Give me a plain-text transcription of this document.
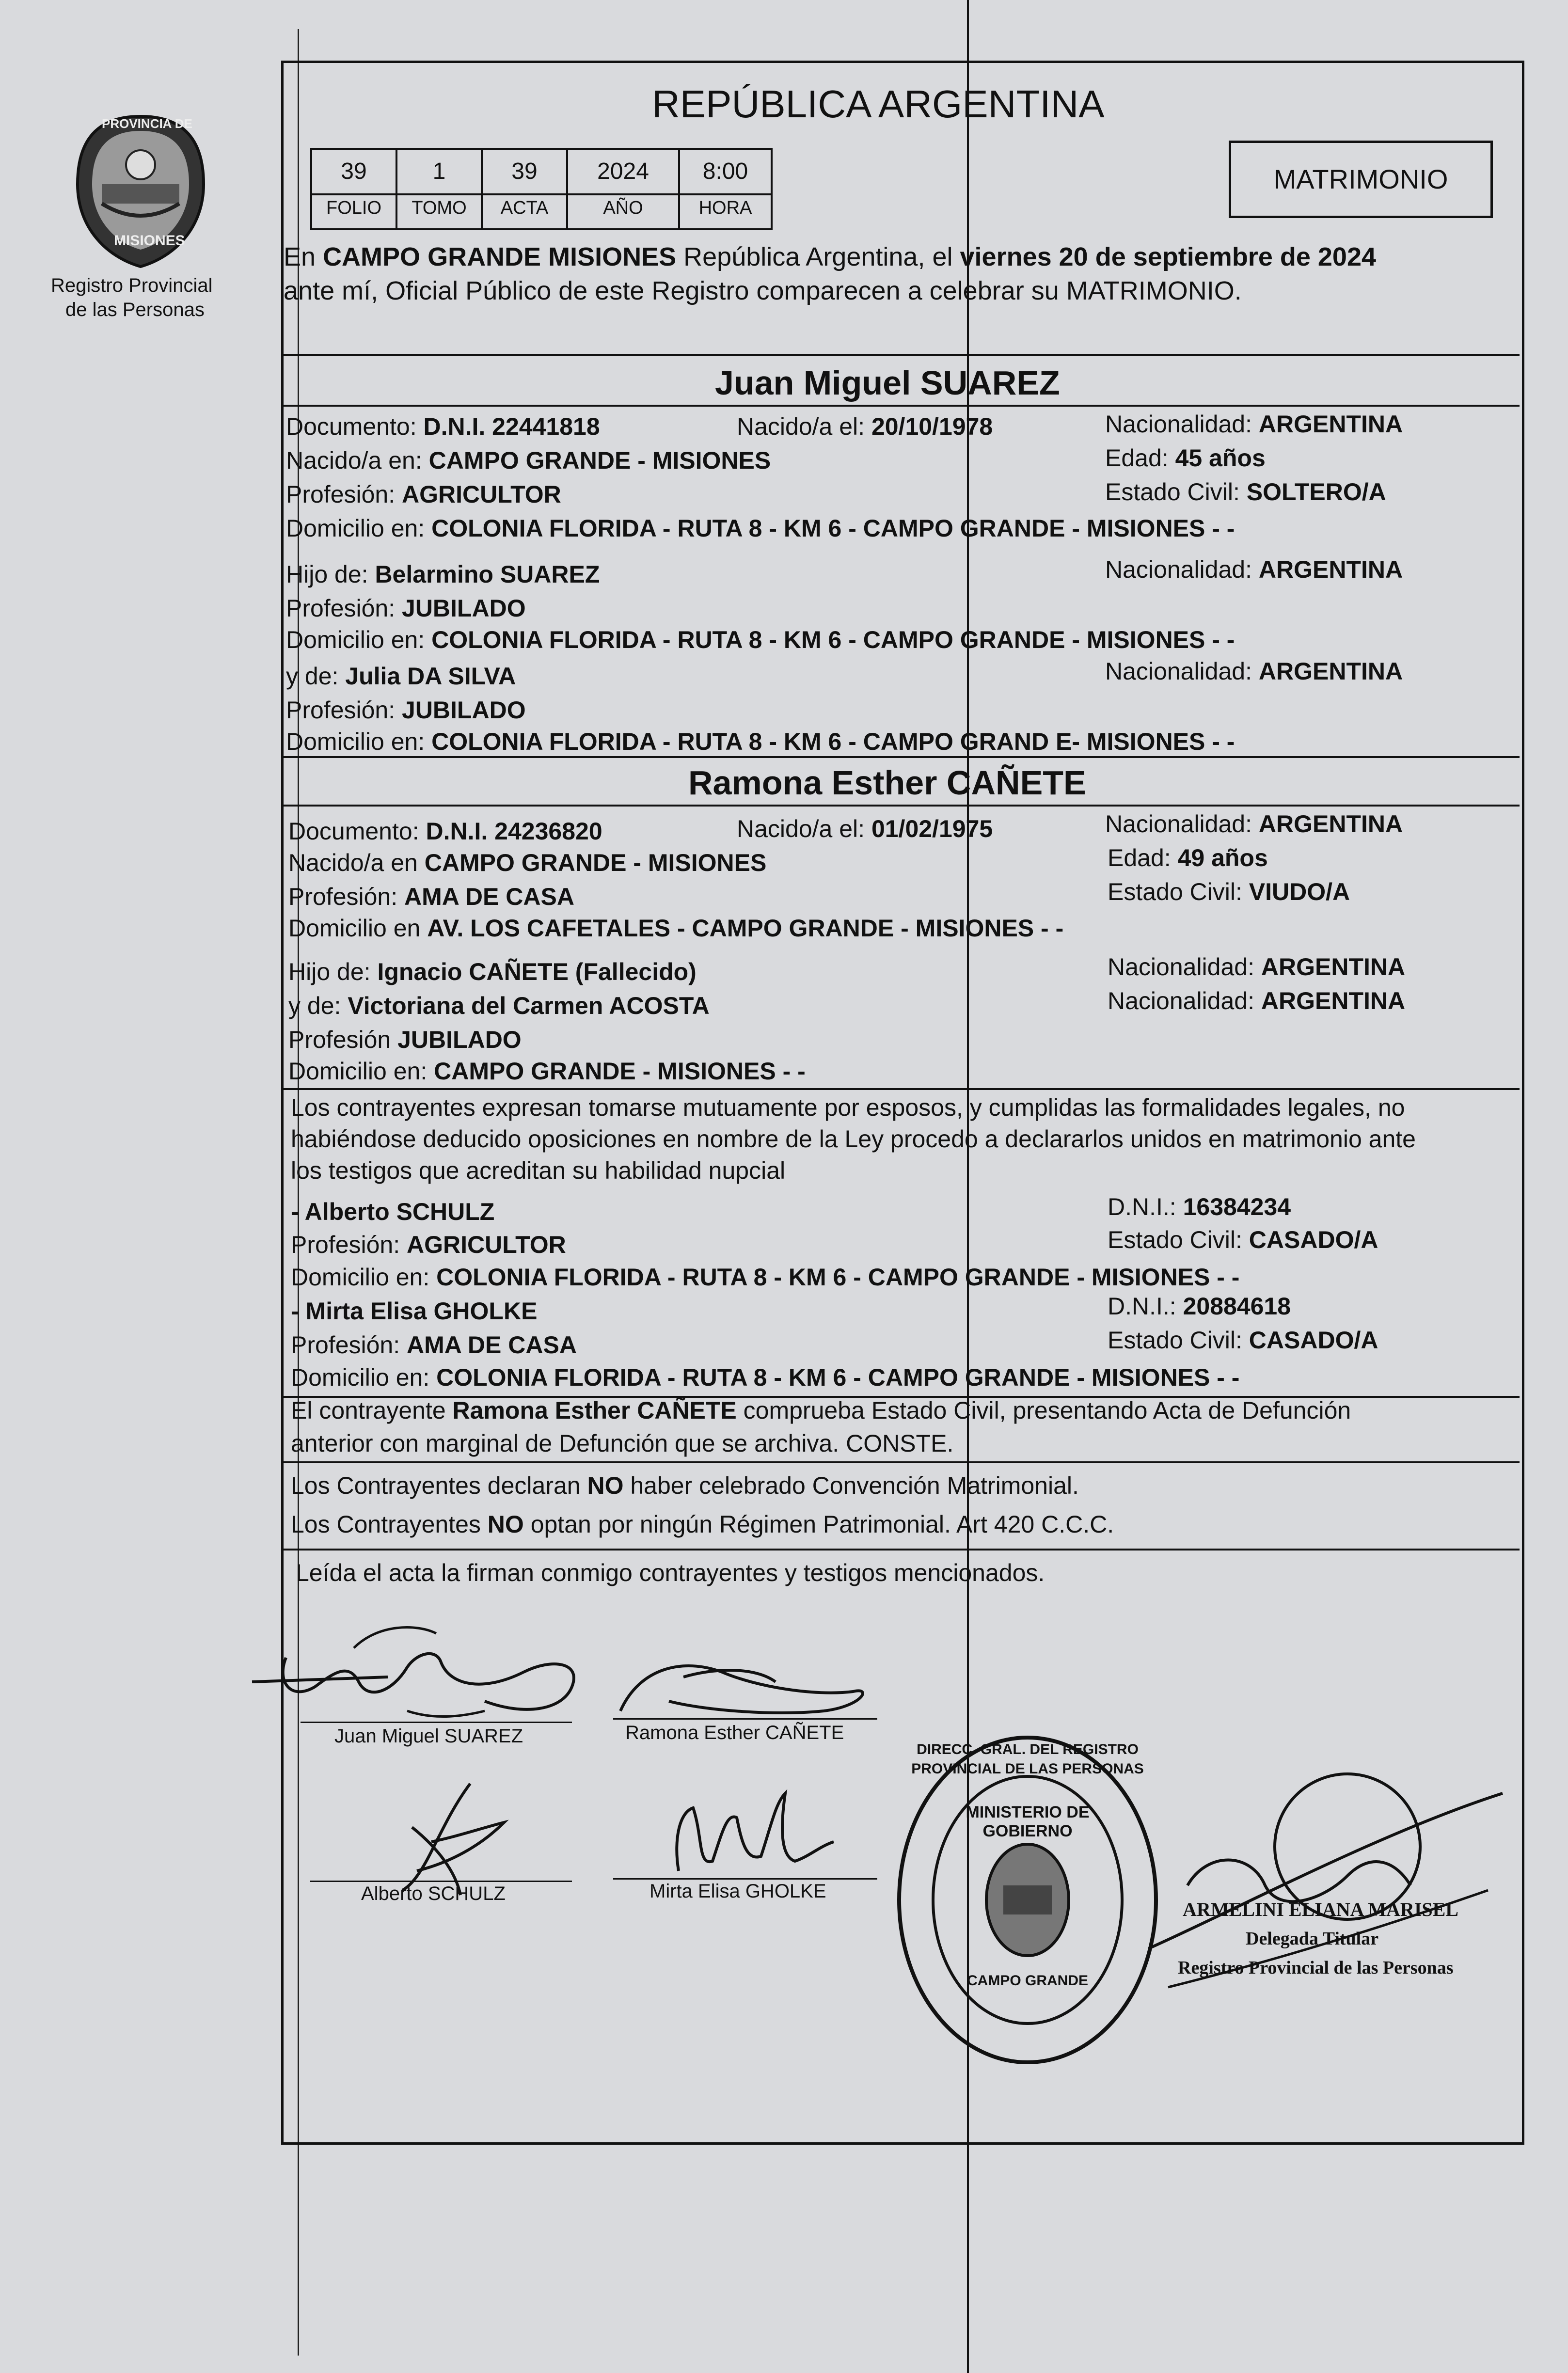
PROVINCIA DE
MISIONES
Registro Provincial
de las Personas
REPÚBLICA ARGENTINA
39
FOLIO
1
TOMO
39
ACTA
2024
AÑO
8:00
HORA
MATRIMONIO
En CAMPO GRANDE MISIONES República Argentina, el viernes 20 de septiembre de 2024
ante mí, Oficial Público de este Registro comparecen a celebrar su MATRIMONIO.
Juan Miguel SUAREZ
Documento: D.N.I. 22441818	Nacido/a el: 20/10/1978	Nacionalidad: ARGENTINA
Nacido/a en: CAMPO GRANDE - MISIONES	Edad: 45 años
Profesión: AGRICULTOR	Estado Civil: SOLTERO/A
Domicilio en: COLONIA FLORIDA - RUTA 8 - KM 6 - CAMPO GRANDE - MISIONES - -
Hijo de: Belarmino SUAREZ	Nacionalidad: ARGENTINA
Profesión: JUBILADO
Domicilio en: COLONIA FLORIDA - RUTA 8 - KM 6 - CAMPO GRANDE - MISIONES - -
y de: Julia DA SILVA	Nacionalidad: ARGENTINA
Profesión: JUBILADO
Domicilio en: COLONIA FLORIDA - RUTA 8 - KM 6 - CAMPO GRAND E- MISIONES - -
Ramona Esther CAÑETE
Documento: D.N.I. 24236820	Nacido/a el: 01/02/1975	Nacionalidad: ARGENTINA
Nacido/a en CAMPO GRANDE - MISIONES	Edad: 49 años
Profesión: AMA DE CASA	Estado Civil: VIUDO/A
Domicilio en AV. LOS CAFETALES - CAMPO GRANDE - MISIONES - -
Hijo de: Ignacio CAÑETE (Fallecido)	Nacionalidad: ARGENTINA
y de: Victoriana del Carmen ACOSTA	Nacionalidad: ARGENTINA
Profesión JUBILADO
Domicilio en: CAMPO GRANDE - MISIONES - -
Los contrayentes expresan tomarse mutuamente por esposos, y cumplidas las formalidades legales, no
habiéndose deducido oposiciones en nombre de la Ley procedo a declararlos unidos en matrimonio ante
los testigos que acreditan su habilidad nupcial
- Alberto SCHULZ	D.N.I.: 16384234
Profesión: AGRICULTOR	Estado Civil: CASADO/A
Domicilio en: COLONIA FLORIDA - RUTA 8 - KM 6 - CAMPO GRANDE - MISIONES - -
- Mirta Elisa GHOLKE	D.N.I.: 20884618
Profesión: AMA DE CASA	Estado Civil: CASADO/A
Domicilio en: COLONIA FLORIDA - RUTA 8 - KM 6 - CAMPO GRANDE - MISIONES - -
El contrayente Ramona Esther CAÑETE comprueba Estado Civil, presentando Acta de Defunción
anterior con marginal de Defunción que se archiva. CONSTE.
Los Contrayentes declaran NO haber celebrado Convención Matrimonial.
Los Contrayentes NO optan por ningún Régimen Patrimonial. Art 420 C.C.C.
Leída el acta la firman conmigo contrayentes y testigos mencionados.
Juan Miguel SUAREZ	Ramona Esther CAÑETE
Alberto SCHULZ	Mirta Elisa GHOLKE
DIRECC. GRAL. DEL REGISTRO PROVINCIAL DE LAS PERSONAS
MINISTERIO DE GOBIERNO
CAMPO GRANDE
ARMELINI ELIANA MARISEL
Delegada Titular
Registro Provincial de las Personas
